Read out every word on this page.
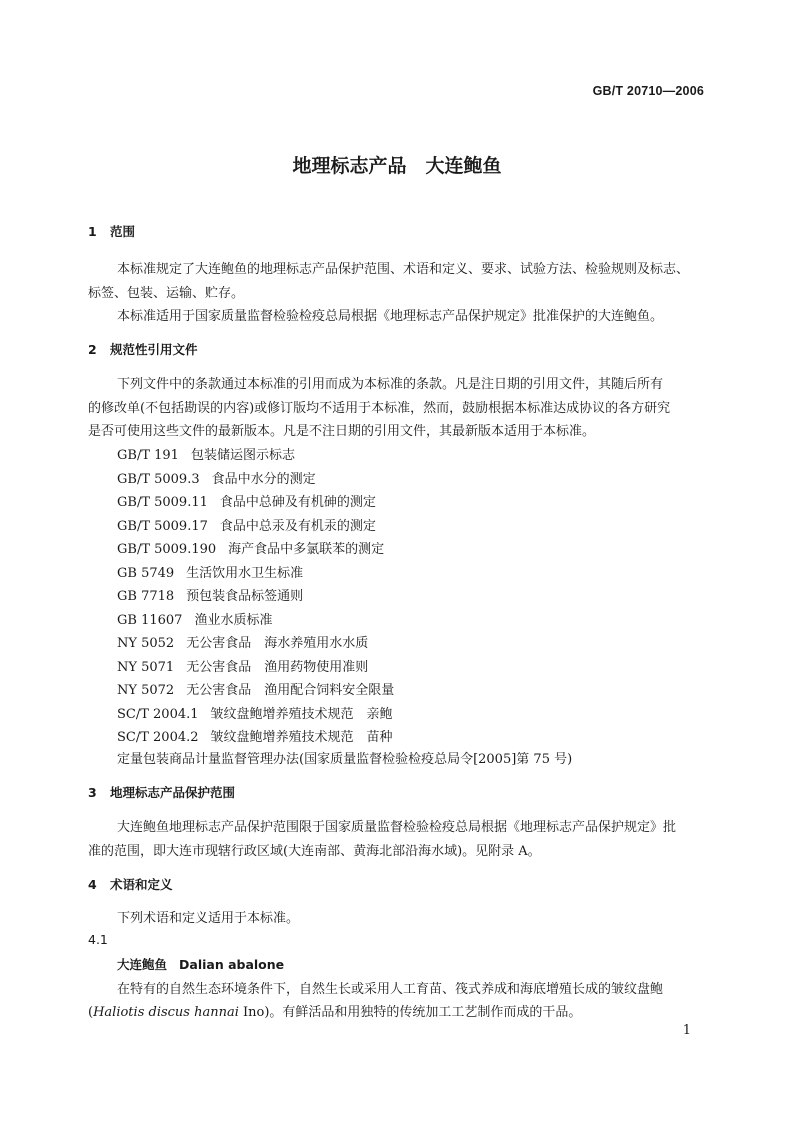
GB/T 20710—2006
地理标志产品　大连鲍鱼
1 范围
本标准规定了大连鲍鱼的地理标志产品保护范围、术语和定义、要求、试验方法、检验规则及标志、
标签、包装、运输、贮存。
本标准适用于国家质量监督检验检疫总局根据《地理标志产品保护规定》批准保护的大连鲍鱼。
2 规范性引用文件
下列文件中的条款通过本标准的引用而成为本标准的条款。凡是注日期的引用文件，其随后所有
的修改单(不包括勘误的内容)或修订版均不适用于本标准，然而，鼓励根据本标准达成协议的各方研究
是否可使用这些文件的最新版本。凡是不注日期的引用文件，其最新版本适用于本标准。
GB/T 191 包装储运图示标志
GB/T 5009.3 食品中水分的测定
GB/T 5009.11 食品中总砷及有机砷的测定
GB/T 5009.17 食品中总汞及有机汞的测定
GB/T 5009.190 海产食品中多氯联苯的测定
GB 5749 生活饮用水卫生标准
GB 7718 预包装食品标签通则
GB 11607 渔业水质标准
NY 5052 无公害食品　海水养殖用水水质
NY 5071 无公害食品　渔用药物使用准则
NY 5072 无公害食品　渔用配合饲料安全限量
SC/T 2004.1 皱纹盘鲍增养殖技术规范　亲鲍
SC/T 2004.2 皱纹盘鲍增养殖技术规范　苗种
定量包装商品计量监督管理办法(国家质量监督检验检疫总局令[2005]第 75 号)
3 地理标志产品保护范围
大连鲍鱼地理标志产品保护范围限于国家质量监督检验检疫总局根据《地理标志产品保护规定》批
准的范围，即大连市现辖行政区域(大连南部、黄海北部沿海水域)。见附录 A。
4 术语和定义
下列术语和定义适用于本标准。
4.1
大连鲍鱼 Dalian abalone
在特有的自然生态环境条件下，自然生长或采用人工育苗、筏式养成和海底增殖长成的皱纹盘鲍
(Haliotis discus hannai Ino)。有鲜活品和用独特的传统加工工艺制作而成的干品。
1
